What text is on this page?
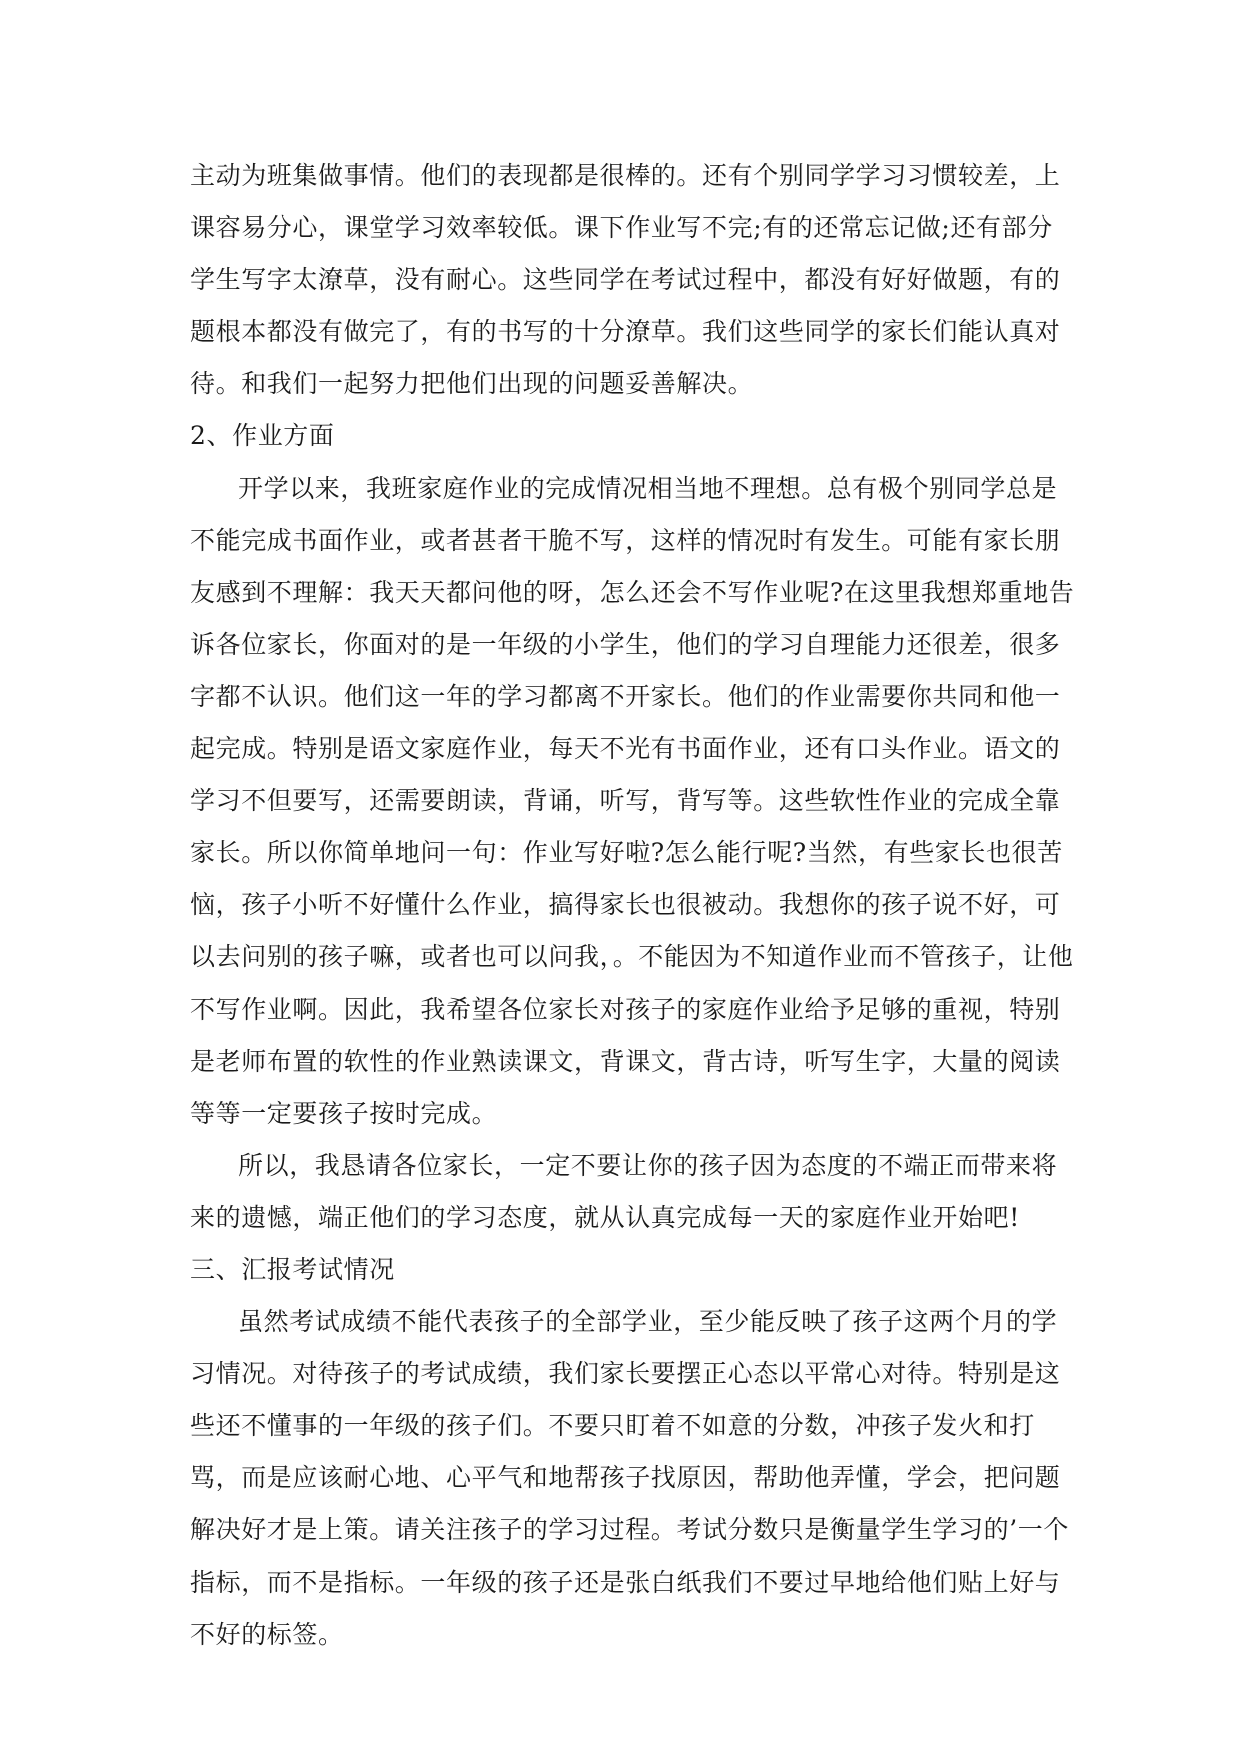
主动为班集做事情。他们的表现都是很棒的。还有个别同学学习习惯较差，上
课容易分心，课堂学习效率较低。课下作业写不完;有的还常忘记做;还有部分
学生写字太潦草，没有耐心。这些同学在考试过程中，都没有好好做题，有的
题根本都没有做完了，有的书写的十分潦草。我们这些同学的家长们能认真对
待。和我们一起努力把他们出现的问题妥善解决。

2、作业方面

开学以来，我班家庭作业的完成情况相当地不理想。总有极个别同学总是
不能完成书面作业，或者甚者干脆不写，这样的情况时有发生。可能有家长朋
友感到不理解：我天天都问他的呀，怎么还会不写作业呢?在这里我想郑重地告
诉各位家长，你面对的是一年级的小学生，他们的学习自理能力还很差，很多
字都不认识。他们这一年的学习都离不开家长。他们的作业需要你共同和他一
起完成。特别是语文家庭作业，每天不光有书面作业，还有口头作业。语文的
学习不但要写，还需要朗读，背诵，听写，背写等。这些软性作业的完成全靠
家长。所以你简单地问一句：作业写好啦?怎么能行呢?当然，有些家长也很苦
恼，孩子小听不好懂什么作业，搞得家长也很被动。我想你的孩子说不好，可
以去问别的孩子嘛，或者也可以问我，。不能因为不知道作业而不管孩子，让他
不写作业啊。因此，我希望各位家长对孩子的家庭作业给予足够的重视，特别
是老师布置的软性的作业熟读课文，背课文，背古诗，听写生字，大量的阅读
等等一定要孩子按时完成。

所以，我恳请各位家长，一定不要让你的孩子因为态度的不端正而带来将
来的遗憾，端正他们的学习态度，就从认真完成每一天的家庭作业开始吧!

三、汇报考试情况

虽然考试成绩不能代表孩子的全部学业，至少能反映了孩子这两个月的学
习情况。对待孩子的考试成绩，我们家长要摆正心态以平常心对待。特别是这
些还不懂事的一年级的孩子们。不要只盯着不如意的分数，冲孩子发火和打
骂，而是应该耐心地、心平气和地帮孩子找原因，帮助他弄懂，学会，把问题
解决好才是上策。请关注孩子的学习过程。考试分数只是衡量学生学习的’一个
指标，而不是指标。一年级的孩子还是张白纸我们不要过早地给他们贴上好与
不好的标签。
